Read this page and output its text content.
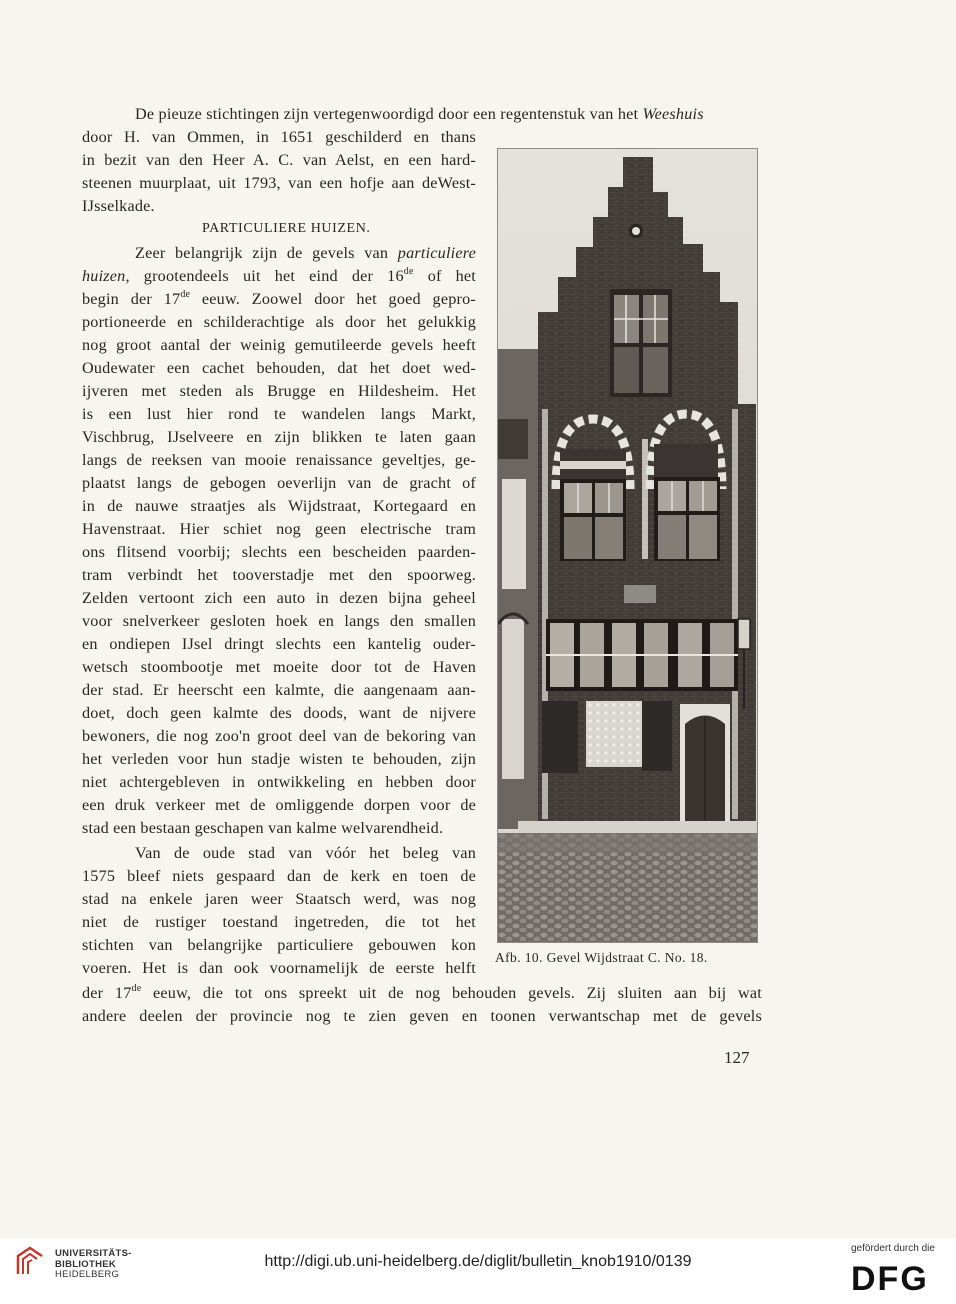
De pieuze stichtingen zijn vertegenwoordigd door een regentenstuk van het Weeshuis
door H. van Ommen, in 1651 geschilderd en thans
in bezit van den Heer A. C. van Aelst, en een hard-
steenen muurplaat, uit 1793, van een hofje aan deWest-
IJsselkade.
PARTICULIERE HUIZEN.
Zeer belangrijk zijn de gevels van particuliere
huizen, grootendeels uit het eind der 16de of het
begin der 17de eeuw. Zoowel door het goed gepro-
portioneerde en schilderachtige als door het gelukkig
nog groot aantal der weinig gemutileerde gevels heeft
Oudewater een cachet behouden, dat het doet wed-
ijveren met steden als Brugge en Hildesheim. Het
is een lust hier rond te wandelen langs Markt,
Vischbrug, IJselveere en zijn blikken te laten gaan
langs de reeksen van mooie renaissance geveltjes, ge-
plaatst langs de gebogen oeverlijn van de gracht of
in de nauwe straatjes als Wijdstraat, Kortegaard en
Havenstraat. Hier schiet nog geen electrische tram
ons flitsend voorbij; slechts een bescheiden paarden-
tram verbindt het tooverstadje met den spoorweg.
Zelden vertoont zich een auto in dezen bijna geheel
voor snelverkeer gesloten hoek en langs den smallen
en ondiepen IJsel dringt slechts een kantelig ouder-
wetsch stoombootje met moeite door tot de Haven
der stad. Er heerscht een kalmte, die aangenaam aan-
doet, doch geen kalmte des doods, want de nijvere
bewoners, die nog zoo'n groot deel van de bekoring van
het verleden voor hun stadje wisten te behouden, zijn
niet achtergebleven in ontwikkeling en hebben door
een druk verkeer met de omliggende dorpen voor de
stad een bestaan geschapen van kalme welvarendheid.
Van de oude stad van vóór het beleg van
1575 bleef niets gespaard dan de kerk en toen de
stad na enkele jaren weer Staatsch werd, was nog
niet de rustiger toestand ingetreden, die tot het
stichten van belangrijke particuliere gebouwen kon
voeren. Het is dan ook voornamelijk de eerste helft
der 17de eeuw, die tot ons spreekt uit de nog behouden gevels. Zij sluiten aan bij wat
andere deelen der provincie nog te zien geven en toonen verwantschap met de gevels
Afb. 10. Gevel Wijdstraat C. No. 18.
127
UNIVERSITÄTS-
BIBLIOTHEK
HEIDELBERG
http://digi.ub.uni-heidelberg.de/diglit/bulletin_knob1910/0139
gefördert durch die
DFG
